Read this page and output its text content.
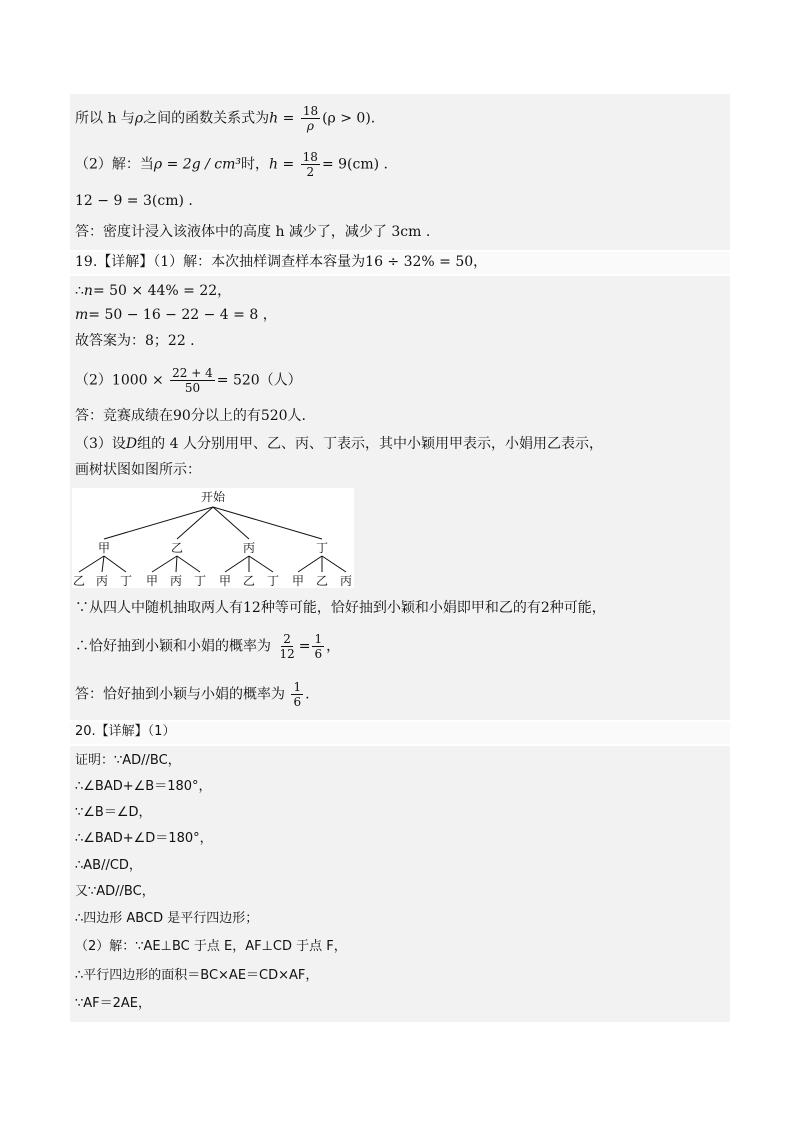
所以 h 与ρ之间的函数关系式为$h = \frac{18}{\rho} (\rho > 0)$.
（2）解：当ρ = 2g / cm³时，$h = \frac{18}{2} = 9(cm)$ .
12 − 9 = 3(cm) .
答：密度计浸入该液体中的高度 h 减少了，减少了 3cm .
19.【详解】（1）解：本次抽样调查样本容量为16 ÷ 32% = 50，
∴n= 50 × 44% = 22，
m= 50 − 16 − 22 − 4 = 8 ，
故答案为：8；22 .
$(2)1000 \times \frac{22 + 4}{50} = 520$（人）
答：竞赛成绩在90分以上的有520人.
（3）设D组的 4 人分别用甲、乙、丙、丁表示，其中小颖用甲表示，小娟用乙表示，
画树状图如图所示：
开始
甲	乙	丙	丁
乙 丙 丁 甲 丙 丁 甲 乙 丁 甲 乙 丙
∵从四人中随机抽取两人有12种等可能，恰好抽到小颖和小娟即甲和乙的有2种可能，
∴恰好抽到小颖和小娟的概率为 $\frac{2}{12} = \frac{1}{6}$ ，
答：恰好抽到小颖与小娟的概率为 $\frac{1}{6}$ .
20.【详解】（1）
证明：∵AD//BC，
∴∠BAD+∠B＝180°，
∵∠B＝∠D，
∴∠BAD+∠D＝180°，
∴AB//CD，
又∵AD//BC，
∴四边形 ABCD 是平行四边形；
（2）解：∵AE⊥BC 于点 E，AF⊥CD 于点 F，
∴平行四边形的面积＝BC×AE＝CD×AF，
∵AF＝2AE，
